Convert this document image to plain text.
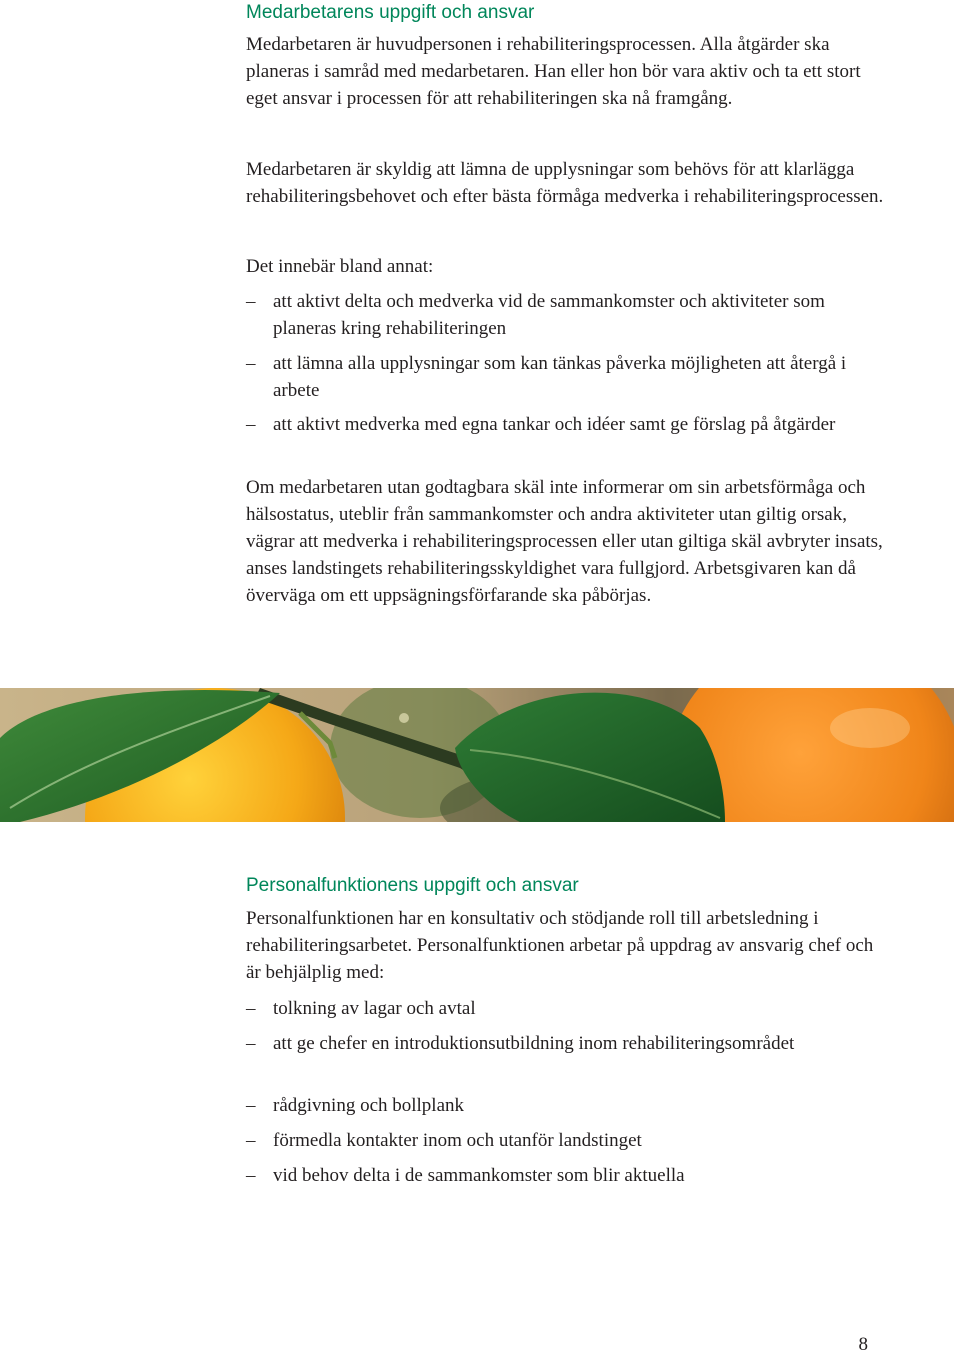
Medarbetarens uppgift och ansvar

Medarbetaren är huvudpersonen i rehabiliteringsprocessen. Alla åtgärder ska planeras i samråd med medarbetaren. Han eller hon bör vara aktiv och ta ett stort eget ansvar i processen för att rehabiliteringen ska nå framgång.

Medarbetaren är skyldig att lämna de upplysningar som behövs för att klarlägga rehabiliteringsbehovet och efter bästa förmåga medverka i rehabiliteringsprocessen.

Det innebär bland annat:

– att aktivt delta och medverka vid de sammankomster och aktiviteter som planeras kring rehabiliteringen
– att lämna alla upplysningar som kan tänkas påverka möjligheten att återgå i arbete
– att aktivt medverka med egna tankar och idéer samt ge förslag på åtgärder

Om medarbetaren utan godtagbara skäl inte informerar om sin arbetsförmåga och hälsostatus, uteblir från sammankomster och andra aktiviteter utan giltig orsak, vägrar att medverka i rehabiliteringsprocessen eller utan giltiga skäl avbryter insats, anses landstingets rehabiliteringsskyldighet vara fullgjord. Arbetsgivaren kan då överväga om ett uppsägningsförfarande ska påbörjas.

Personalfunktionens uppgift och ansvar

Personalfunktionen har en konsultativ och stödjande roll till arbetsledning i rehabiliteringsarbetet. Personalfunktionen arbetar på uppdrag av ansvarig chef och är behjälplig med:

– tolkning av lagar och avtal
– att ge chefer en introduktionsutbildning inom rehabiliteringsområdet
– rådgivning och bollplank
– förmedla kontakter inom och utanför landstinget
– vid behov delta i de sammankomster som blir aktuella
8
